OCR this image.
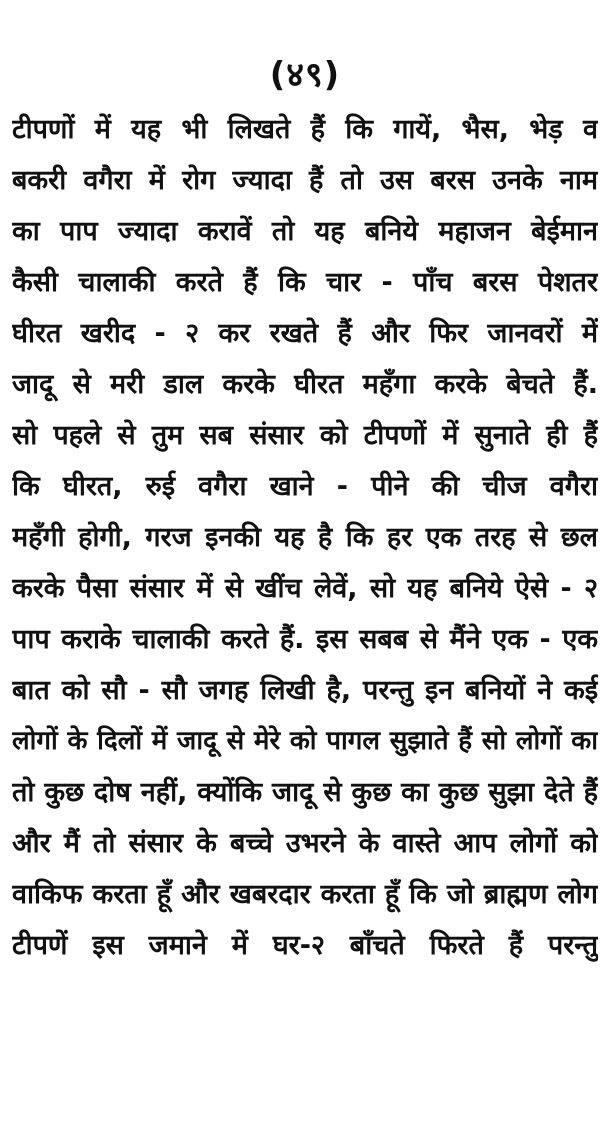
(४९)
टीपणों में यह भी लिखते हैं कि गायें, भैस, भेड़ व
बकरी वगैरा में रोग ज्यादा हैं तो उस बरस उनके नाम
का पाप ज्यादा करावें तो यह बनिये महाजन बेईमान
कैसी चालाकी करते हैं कि चार - पाँच बरस पेशतर
घीरत खरीद - २ कर रखते हैं और फिर जानवरों में
जादू से मरी डाल करके घीरत महँगा करके बेचते हैं.
सो पहले से तुम सब संसार को टीपणों में सुनाते ही हैं
कि घीरत, रुई वगैरा खाने - पीने की चीज वगैरा
महँगी होगी, गरज इनकी यह है कि हर एक तरह से छल
करके पैसा संसार में से खींच लेवें, सो यह बनिये ऐसे - २
पाप कराके चालाकी करते हैं. इस सबब से मैंने एक - एक
बात को सौ - सौ जगह लिखी है, परन्तु इन बनियों ने कई
लोगों के दिलों में जादू से मेरे को पागल सुझाते हैं सो लोगों का
तो कुछ दोष नहीं, क्योंकि जादू से कुछ का कुछ सुझा देते हैं
और मैं तो संसार के बच्चे उभरने के वास्ते आप लोगों को
वाकिफ करता हूँ और खबरदार करता हूँ कि जो ब्राह्मण लोग
टीपणें इस जमाने में घर-२ बाँचते फिरते हैं परन्तु
